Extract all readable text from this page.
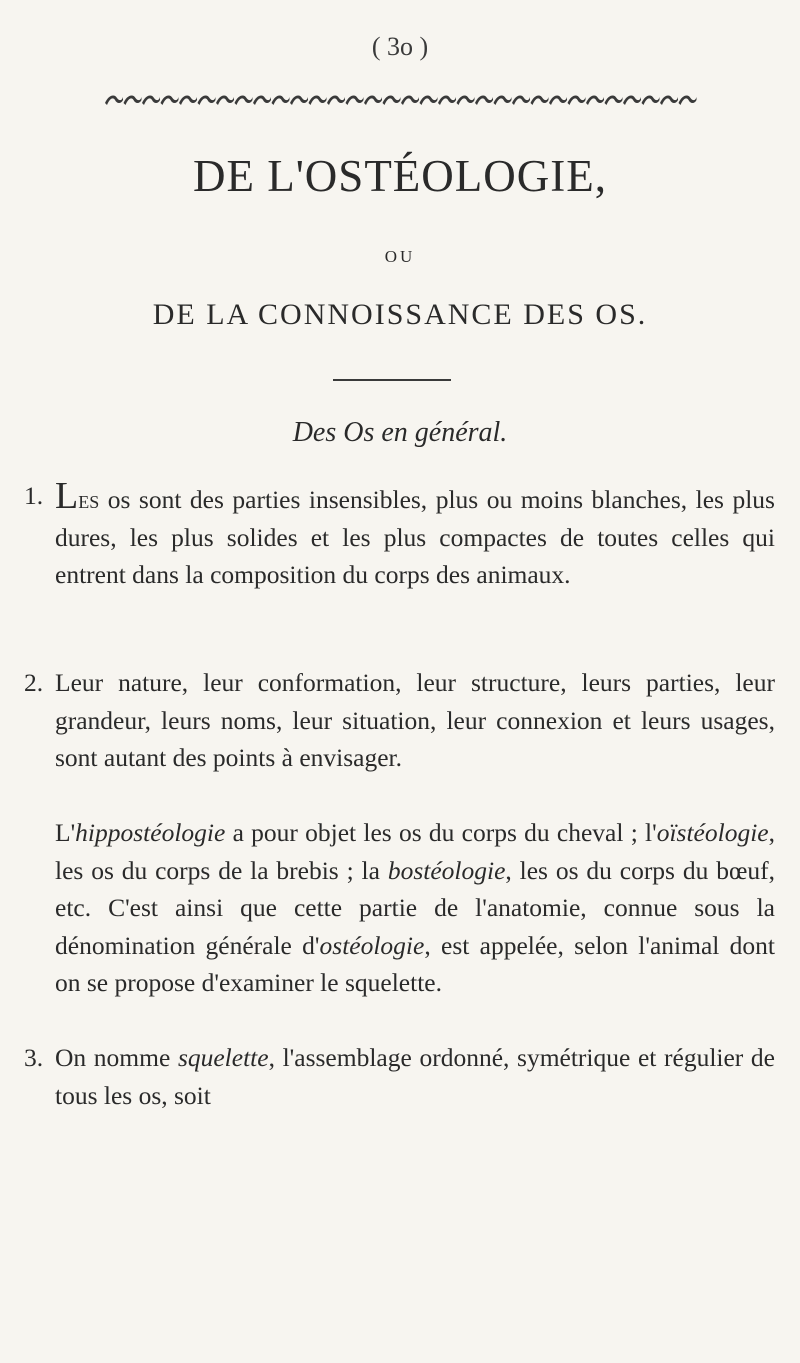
( 3o )
DE L'OSTÉOLOGIE,
OU
DE LA CONNOISSANCE DES OS.
Des Os en général.

1. Les os sont des parties insensibles, plus ou moins blanches, les plus dures, les plus solides et les plus compactes de toutes celles qui entrent dans la composition du corps des animaux.

2. Leur nature, leur conformation, leur structure, leurs parties, leur grandeur, leurs noms, leur situation, leur connexion et leurs usages, sont autant des points à envisager.

L'hippostéologie a pour objet les os du corps du cheval ; l'oïstéologie, les os du corps de la brebis ; la bostéologie, les os du corps du bœuf, etc. C'est ainsi que cette partie de l'anatomie, connue sous la dénomination générale d'ostéologie, est appelée, selon l'animal dont on se propose d'examiner le squelette.

3. On nomme squelette, l'assemblage ordonné, symétrique et régulier de tous les os, soit
